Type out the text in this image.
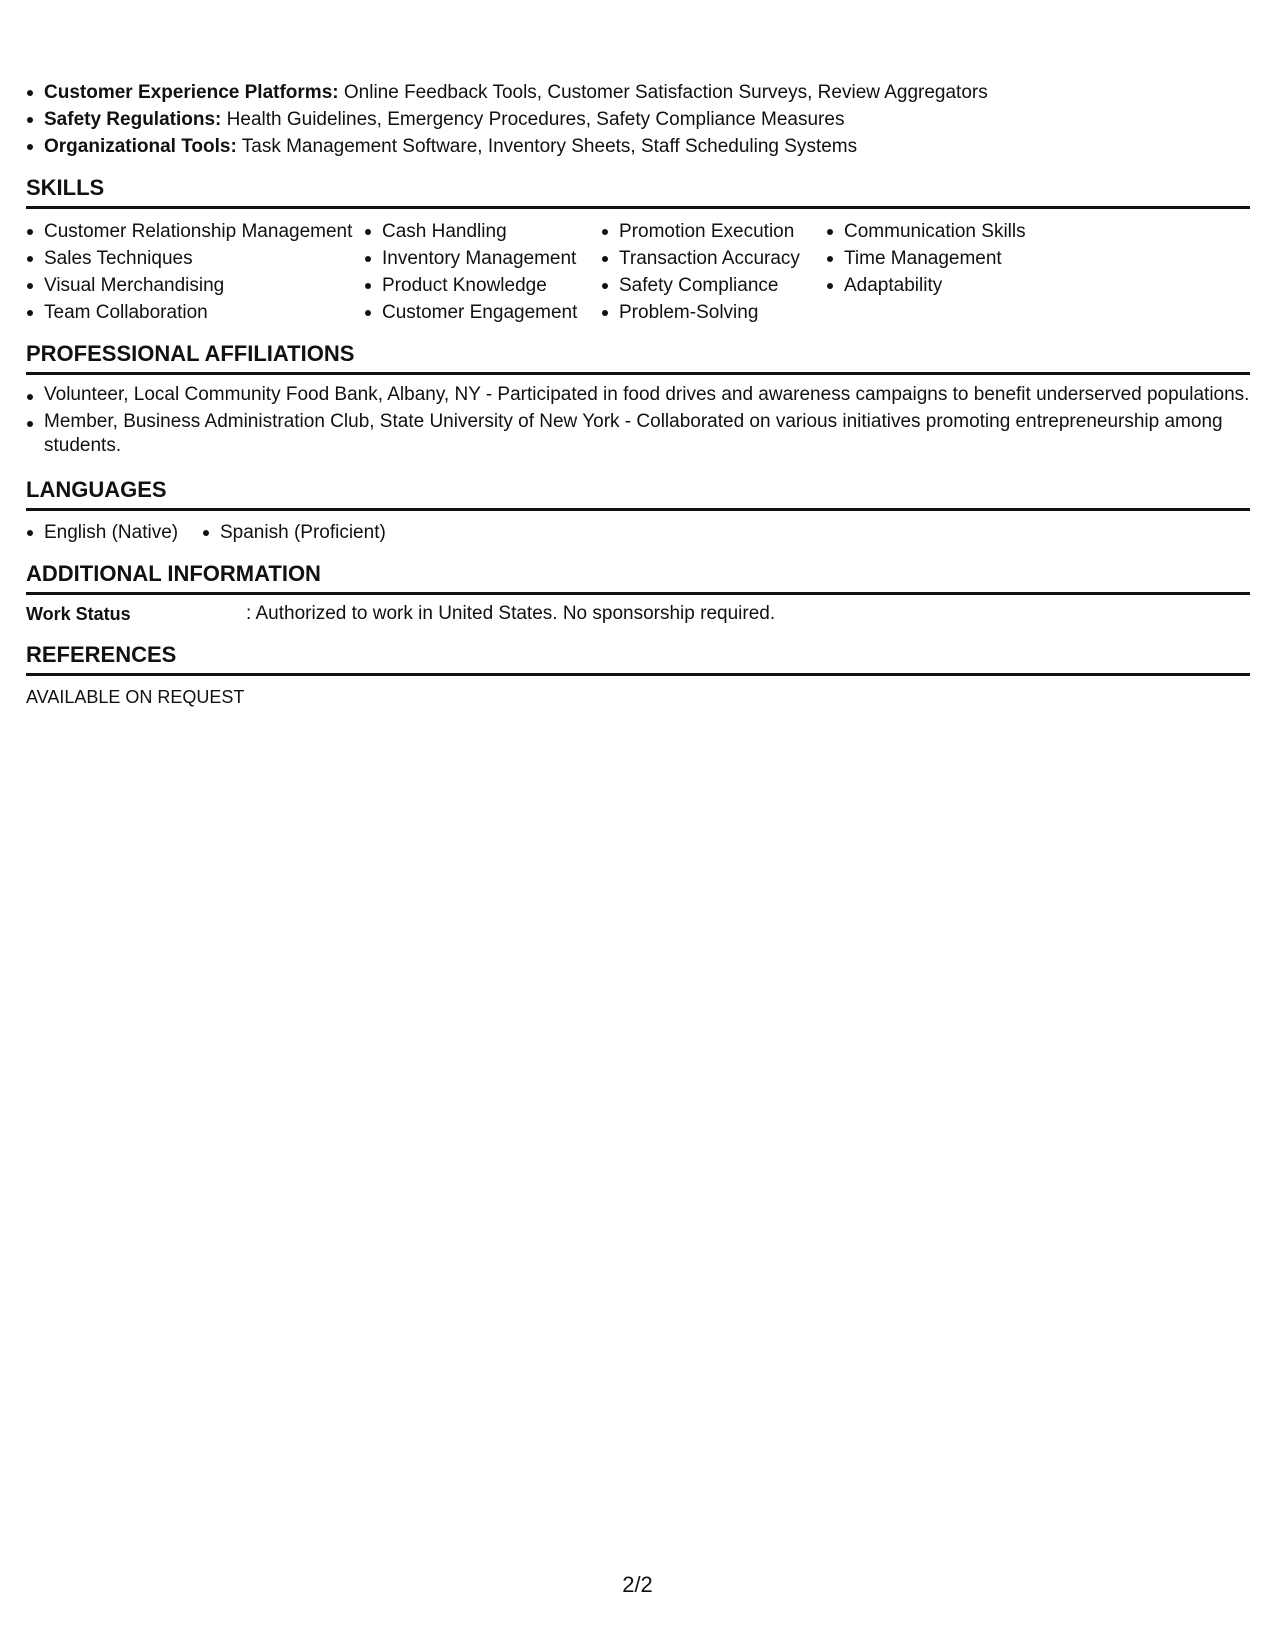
Customer Experience Platforms: Online Feedback Tools, Customer Satisfaction Surveys, Review Aggregators
Safety Regulations: Health Guidelines, Emergency Procedures, Safety Compliance Measures
Organizational Tools: Task Management Software, Inventory Sheets, Staff Scheduling Systems
SKILLS
Customer Relationship Management
Sales Techniques
Visual Merchandising
Team Collaboration
Cash Handling
Inventory Management
Product Knowledge
Customer Engagement
Promotion Execution
Transaction Accuracy
Safety Compliance
Problem-Solving
Communication Skills
Time Management
Adaptability
PROFESSIONAL AFFILIATIONS
Volunteer, Local Community Food Bank, Albany, NY - Participated in food drives and awareness campaigns to benefit underserved populations.
Member, Business Administration Club, State University of New York - Collaborated on various initiatives promoting entrepreneurship among students.
LANGUAGES
English (Native)	Spanish (Proficient)
ADDITIONAL INFORMATION
Work Status	: Authorized to work in United States. No sponsorship required.
REFERENCES
AVAILABLE ON REQUEST
2/2
